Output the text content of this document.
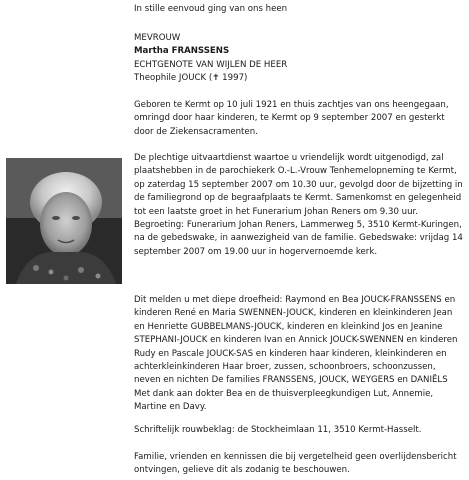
In stille eenvoud ging van ons heen

MEVROUW

Martha FRANSSENS

ECHTGENOTE VAN WIJLEN DE HEER

Theophile JOUCK (✝ 1997)

Geboren te Kermt op 10 juli 1921 en thuis zachtjes van ons heengegaan, omringd door haar kinderen, te Kermt op 9 september 2007 en gesterkt door de Ziekensacramenten.

De plechtige uitvaartdienst waartoe u vriendelijk wordt uitgenodigd, zal plaatshebben in de parochiekerk O.-L.-Vrouw Tenhemelopneming te Kermt, op zaterdag 15 september 2007 om 10.30 uur, gevolgd door de bijzetting in de familiegrond op de begraafplaats te Kermt. Samenkomst en gelegenheid tot een laatste groet in het Funerarium Johan Reners om 9.30 uur. Begroeting: Funerarium Johan Reners, Lammerweg 5, 3510 Kermt-Kuringen, na de gebedswake, in aanwezigheid van de familie. Gebedswake: vrijdag 14 september 2007 om 19.00 uur in hogervernoemde kerk.

Dit melden u met diepe droefheid: Raymond en Bea JOUCK-FRANSSENS en kinderen René en Maria SWENNEN-JOUCK, kinderen en kleinkinderen Jean en Henriette GUBBELMANS-JOUCK, kinderen en kleinkind Jos en Jeanine STEPHANI-JOUCK en kinderen Ivan en Annick JOUCK-SWENNEN en kinderen Rudy en Pascale JOUCK-SAS en kinderen haar kinderen, kleinkinderen en achterkleinkinderen Haar broer, zussen, schoonbroers, schoonzussen, neven en nichten De families FRANSSENS, JOUCK, WEYGERS en DANIËLS Met dank aan dokter Bea en de thuisverpleegkundigen Lut, Annemie, Martine en Davy.

Schriftelijk rouwbeklag: de Stockheimlaan 11, 3510 Kermt-Hasselt.

Familie, vrienden en kennissen die bij vergetelheid geen overlijdensbericht ontvingen, gelieve dit als zodanig te beschouwen.
